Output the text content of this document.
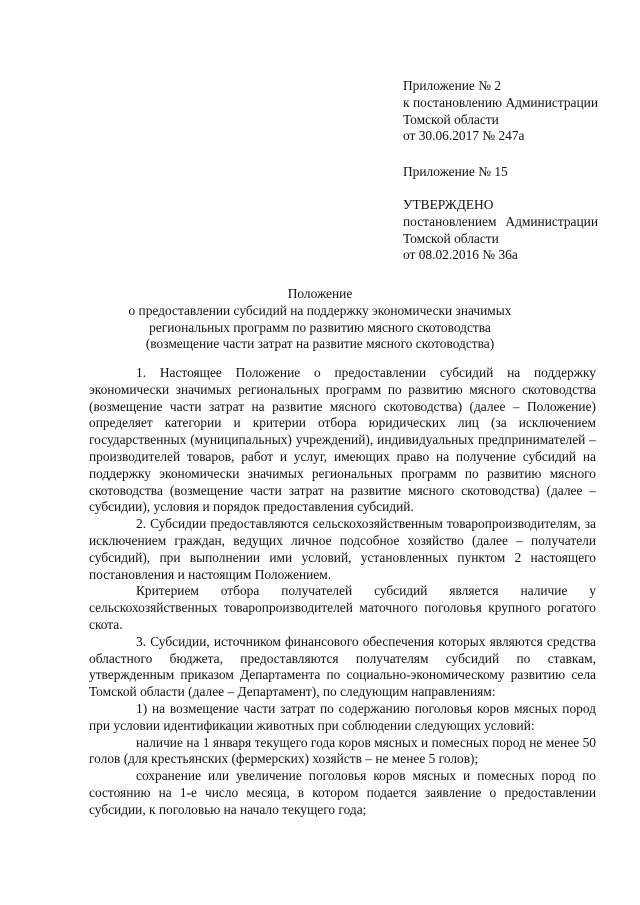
Приложение № 2
к постановлению Администрации
Томской области
от 30.06.2017 № 247а
Приложение № 15
УТВЕРЖДЕНО
постановлением Администрации
Томской области
от 08.02.2016 № 36а
Положение
о предоставлении субсидий на поддержку экономически значимых
региональных программ по развитию мясного скотоводства
(возмещение части затрат на развитие мясного скотоводства)
1. Настоящее Положение о предоставлении субсидий на поддержку экономически значимых региональных программ по развитию мясного скотоводства (возмещение части затрат на развитие мясного скотоводства) (далее – Положение) определяет категории и критерии отбора юридических лиц (за исключением государственных (муниципальных) учреждений), индивидуальных предпринимателей – производителей товаров, работ и услуг, имеющих право на получение субсидий на поддержку экономически значимых региональных программ по развитию мясного скотоводства (возмещение части затрат на развитие мясного скотоводства) (далее – субсидии), условия и порядок предоставления субсидий.
2. Субсидии предоставляются сельскохозяйственным товаропроизводителям, за исключением граждан, ведущих личное подсобное хозяйство (далее – получатели субсидий), при выполнении ими условий, установленных пунктом 2 настоящего постановления и настоящим Положением.
Критерием отбора получателей субсидий является наличие у сельскохозяйственных товаропроизводителей маточного поголовья крупного рогатого скота.
3. Субсидии, источником финансового обеспечения которых являются средства областного бюджета, предоставляются получателям субсидий по ставкам, утвержденным приказом Департамента по социально-экономическому развитию села Томской области (далее – Департамент), по следующим направлениям:
1) на возмещение части затрат по содержанию поголовья коров мясных пород при условии идентификации животных при соблюдении следующих условий:
наличие на 1 января текущего года коров мясных и помесных пород не менее 50 голов (для крестьянских (фермерских) хозяйств – не менее 5 голов);
сохранение или увеличение поголовья коров мясных и помесных пород по состоянию на 1-е число месяца, в котором подается заявление о предоставлении субсидии, к поголовью на начало текущего года;
